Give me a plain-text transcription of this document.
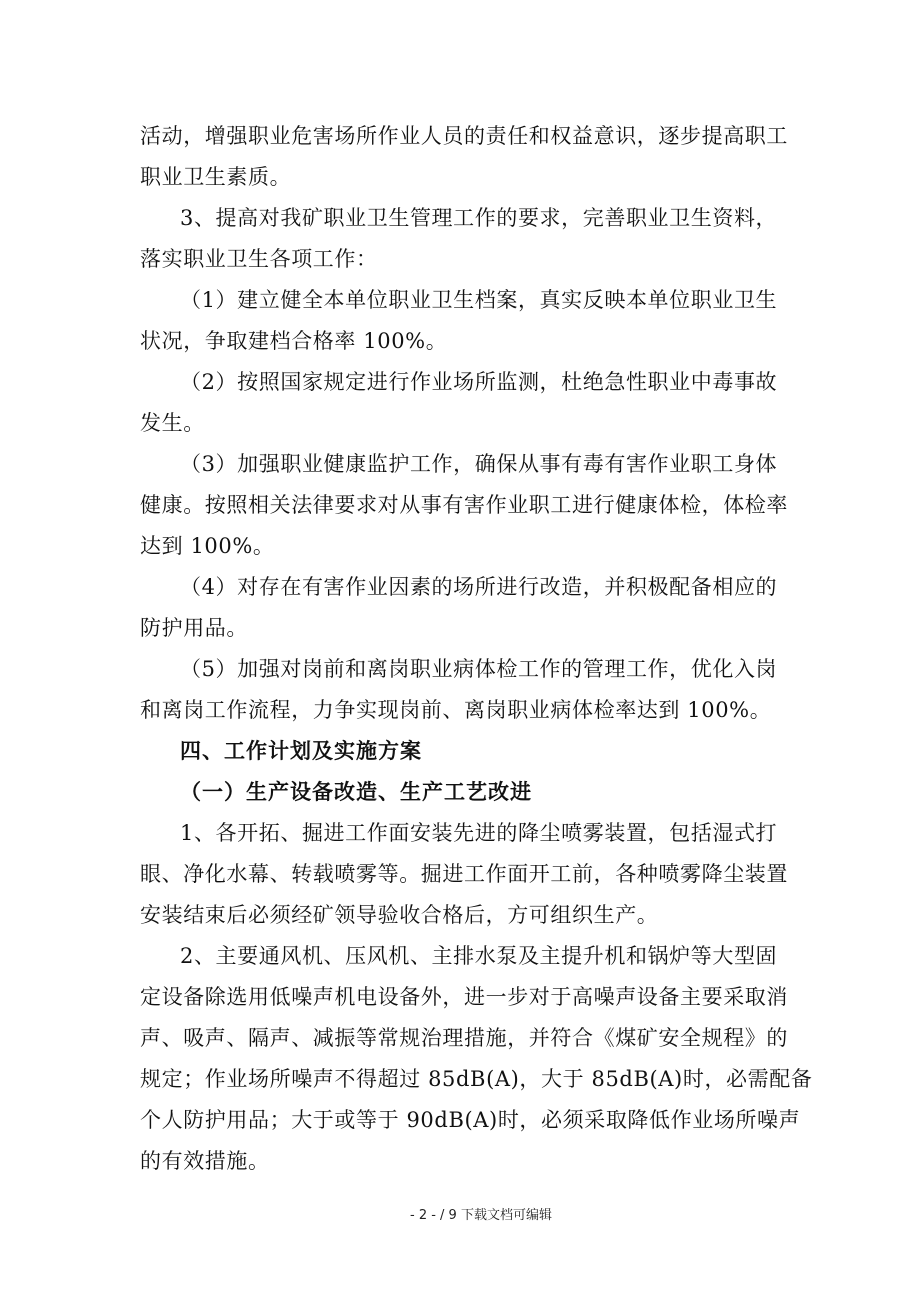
活动，增强职业危害场所作业人员的责任和权益意识，逐步提高职工
职业卫生素质。
3、提高对我矿职业卫生管理工作的要求，完善职业卫生资料，
落实职业卫生各项工作：
（1）建立健全本单位职业卫生档案，真实反映本单位职业卫生
状况，争取建档合格率 100%。
（2）按照国家规定进行作业场所监测，杜绝急性职业中毒事故
发生。
（3）加强职业健康监护工作，确保从事有毒有害作业职工身体
健康。按照相关法律要求对从事有害作业职工进行健康体检，体检率
达到 100%。
（4）对存在有害作业因素的场所进行改造，并积极配备相应的
防护用品。
（5）加强对岗前和离岗职业病体检工作的管理工作，优化入岗
和离岗工作流程，力争实现岗前、离岗职业病体检率达到 100%。
四、工作计划及实施方案
（一）生产设备改造、生产工艺改进
1、各开拓、掘进工作面安装先进的降尘喷雾装置，包括湿式打
眼、净化水幕、转载喷雾等。掘进工作面开工前，各种喷雾降尘装置
安装结束后必须经矿领导验收合格后，方可组织生产。
2、主要通风机、压风机、主排水泵及主提升机和锅炉等大型固
定设备除选用低噪声机电设备外，进一步对于高噪声设备主要采取消
声、吸声、隔声、减振等常规治理措施，并符合《煤矿安全规程》的
规定；作业场所噪声不得超过 85dB(A)，大于 85dB(A)时，必需配备
个人防护用品；大于或等于 90dB(A)时，必须采取降低作业场所噪声
的有效措施。
- 2 - / 9 下载文档可编辑
